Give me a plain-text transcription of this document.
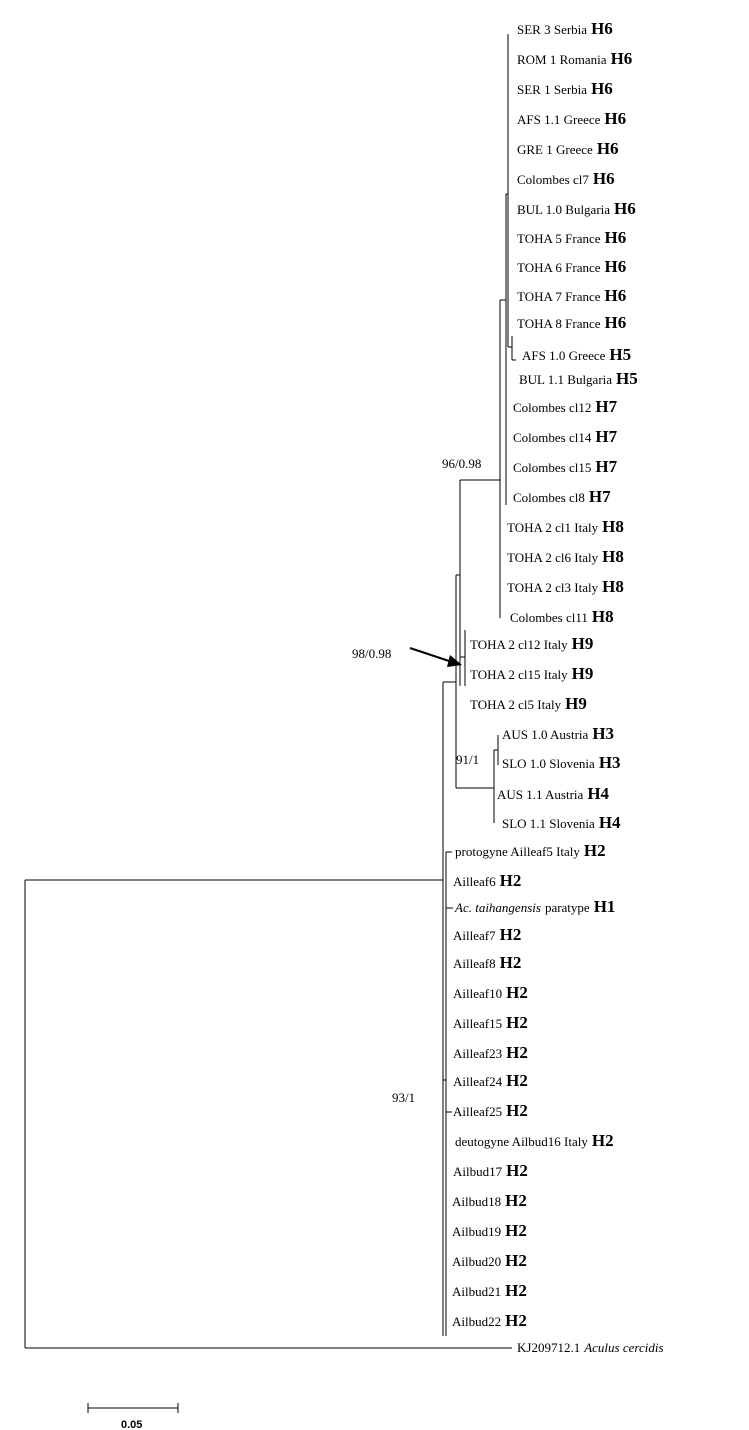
96/0.98
98/0.98
91/1
93/1
SER 3 Serbia H6
ROM 1 Romania H6
SER 1 Serbia H6
AFS 1.1 Greece H6
GRE 1 Greece H6
Colombes cl7 H6
BUL 1.0 Bulgaria H6
TOHA 5 France H6
TOHA 6 France H6
TOHA 7 France H6
TOHA 8 France H6
AFS 1.0 Greece H5
BUL 1.1 Bulgaria H5
Colombes cl12 H7
Colombes cl14 H7
Colombes cl15 H7
Colombes cl8 H7
TOHA 2 cl1 Italy H8
TOHA 2 cl6 Italy H8
TOHA 2 cl3 Italy H8
Colombes cl11 H8
TOHA 2 cl12 Italy H9
TOHA 2 cl15 Italy H9
TOHA 2 cl5 Italy H9
AUS 1.0 Austria H3
SLO 1.0 Slovenia H3
AUS 1.1 Austria H4
SLO 1.1 Slovenia H4
protogyne Ailleaf5 Italy H2
Ailleaf6 H2
Ac. taihangensis paratype H1
Ailleaf7 H2
Ailleaf8 H2
Ailleaf10 H2
Ailleaf15 H2
Ailleaf23 H2
Ailleaf24 H2
Ailleaf25 H2
deutogyne Ailbud16 Italy H2
Ailbud17 H2
Ailbud18 H2
Ailbud19 H2
Ailbud20 H2
Ailbud21 H2
Ailbud22 H2
KJ209712.1 Aculus cercidis
0.05
